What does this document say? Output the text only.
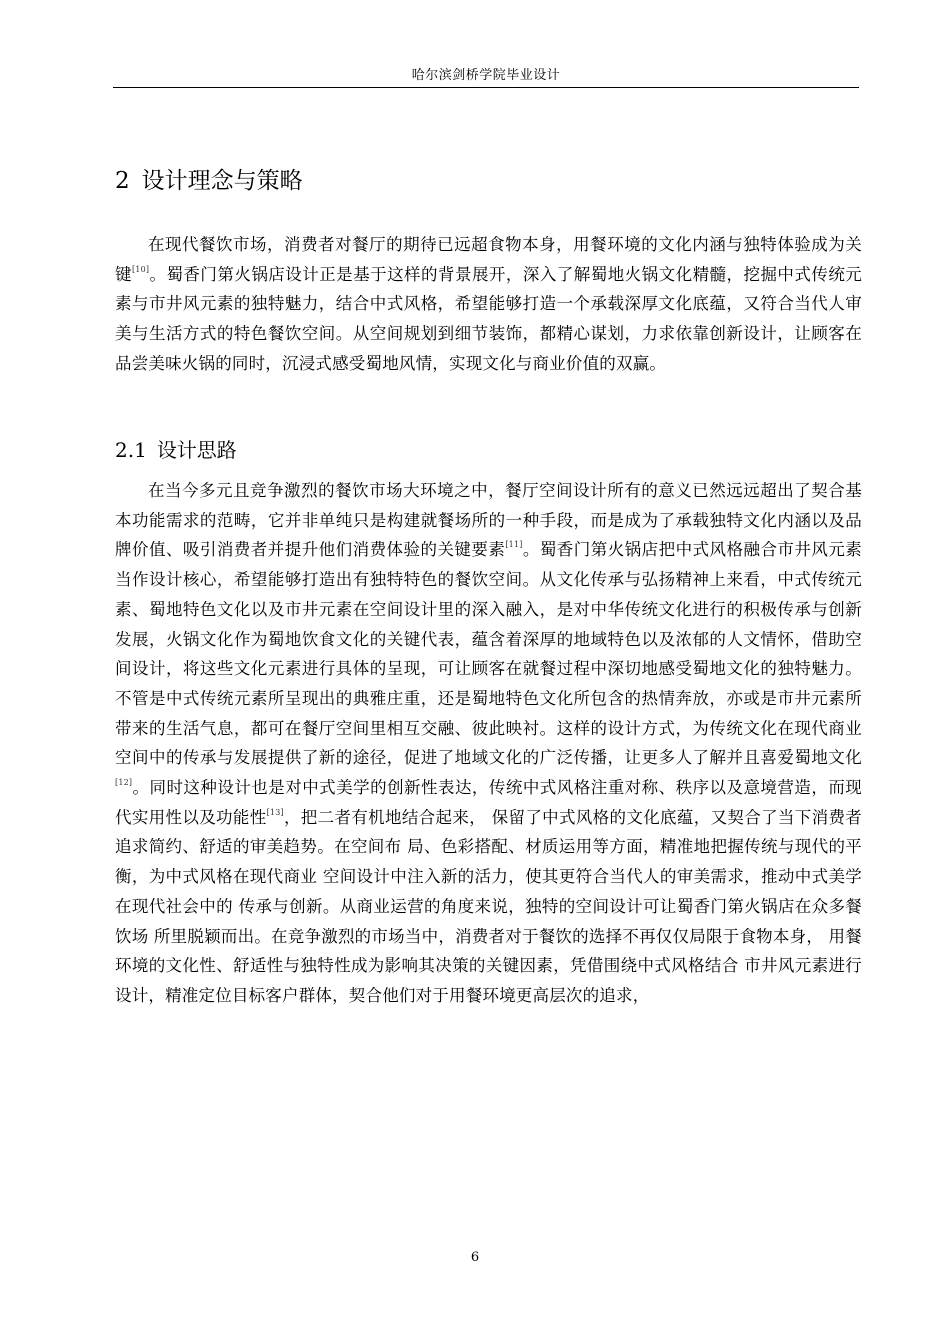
哈尔滨剑桥学院毕业设计
2 设计理念与策略

在现代餐饮市场，消费者对餐厅的期待已远超食物本身，用餐环境的文化内涵与独特体验成为关键[10]。蜀香门第火锅店设计正是基于这样的背景展开，深入了解蜀地火锅文化精髓，挖掘中式传统元素与市井风元素的独特魅力，结合中式风格，希望能够打造一个承载深厚文化底蕴，又符合当代人审美与生活方式的特色餐饮空间。从空间规划到细节装饰，都精心谋划，力求依靠创新设计，让顾客在品尝美味火锅的同时，沉浸式感受蜀地风情，实现文化与商业价值的双赢。

2.1 设计思路

在当今多元且竞争激烈的餐饮市场大环境之中，餐厅空间设计所有的意义已然远远超出了契合基本功能需求的范畴，它并非单纯只是构建就餐场所的一种手段，而是成为了承载独特文化内涵以及品牌价值、吸引消费者并提升他们消费体验的关键要素[11]。蜀香门第火锅店把中式风格融合市井风元素当作设计核心，希望能够打造出有独特特色的餐饮空间。从文化传承与弘扬精神上来看，中式传统元素、蜀地特色文化以及市井元素在空间设计里的深入融入，是对中华传统文化进行的积极传承与创新发展，火锅文化作为蜀地饮食文化的关键代表，蕴含着深厚的地域特色以及浓郁的人文情怀，借助空间设计，将这些文化元素进行具体的呈现，可让顾客在就餐过程中深切地感受蜀地文化的独特魅力。不管是中式传统元素所呈现出的典雅庄重，还是蜀地特色文化所包含的热情奔放，亦或是市井元素所带来的生活气息，都可在餐厅空间里相互交融、彼此映衬。这样的设计方式，为传统文化在现代商业空间中的传承与发展提供了新的途径，促进了地域文化的广泛传播，让更多人了解并且喜爱蜀地文化[12]。同时这种设计也是对中式美学的创新性表达，传统中式风格注重对称、秩序以及意境营造，而现代实用性以及功能性[13]，把二者有机地结合起来， 保留了中式风格的文化底蕴，又契合了当下消费者追求简约、舒适的审美趋势。在空间布 局、色彩搭配、材质运用等方面，精准地把握传统与现代的平衡，为中式风格在现代商业 空间设计中注入新的活力，使其更符合当代人的审美需求，推动中式美学在现代社会中的 传承与创新。从商业运营的角度来说，独特的空间设计可让蜀香门第火锅店在众多餐饮场 所里脱颖而出。在竞争激烈的市场当中，消费者对于餐饮的选择不再仅仅局限于食物本身， 用餐环境的文化性、舒适性与独特性成为影响其决策的关键因素，凭借围绕中式风格结合 市井风元素进行设计，精准定位目标客户群体，契合他们对于用餐环境更高层次的追求，

6
